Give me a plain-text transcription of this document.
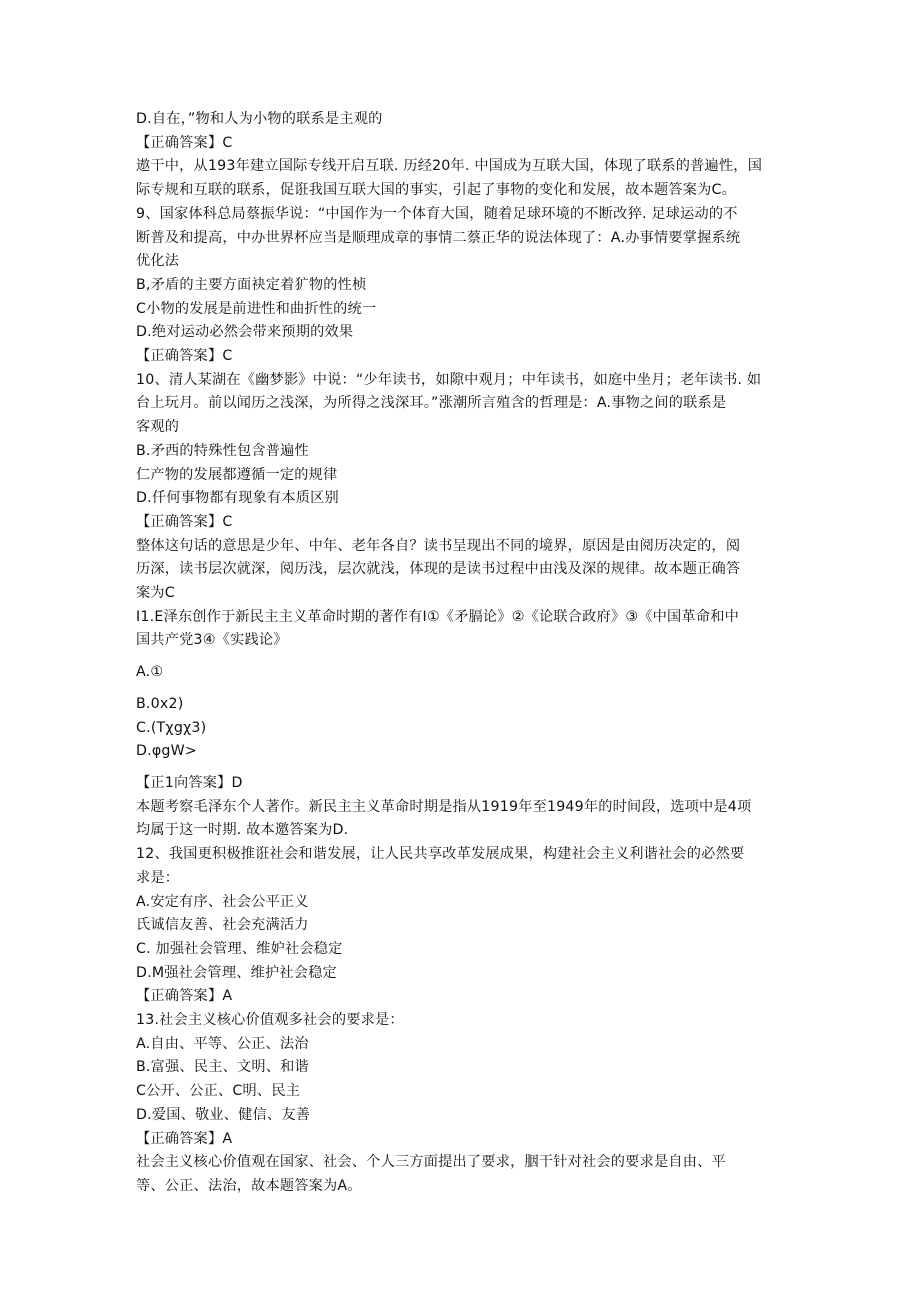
D.自在，”物和人为小物的联系是主观的
【正确答案】C
遨干中，从193年建立国际专线开启互联. 历经20年. 中国成为互联大国，体现了联系的普遍性，国
际专规和互联的联系，促诳我国互联大国的事实，引起了事物的变化和发展，故本题答案为C。
9、国家体科总局蔡振华说：“中国作为一个体育大国，随着足球环境的不断改猝. 足球运动的不
断普及和提高，中办世界杯应当是顺理成章的事情二蔡正华的说法体现了：A.办事情要掌握系统
优化法
B,矛盾的主要方面袂定着犷物的性桢
C小物的发展是前进性和曲折性的统一
D.绝对运动必然会带来预期的效果
【正确答案】C
10、清人某湖在《幽梦影》中说：“少年读书，如隙中观月；中年读书，如庭中坐月；老年读书. 如
台上玩月。前以闻历之浅深，为所得之浅深耳。”涨潮所言殖含的哲理是：A.事物之间的联系是
客观的
B.矛西的特殊性包含普遍性
仁产物的发展都遵循一定的规律
D.仟何事物都有现象有本质区别
【正确答案】C
整体这句话的意思是少年、中年、老年各自？读书呈现出不同的境界，原因是由阅历决定的，阅
历深，读书层次就深，阅历浅，层次就浅，体现的是读书过程中由浅及深的规律。故本题正确答
案为C
I1.E泽东创作于新民主主义革命时期的著作有I①《矛膈论》②《论联合政府》③《中国革命和中
国共产党3④《实践论》
A.①
B.0x2)
C.(Tχgχ3)
D.φgW>
【正1向答案】D
本题考察毛泽东个人著作。新民主主义革命时期是指从1919年至1949年的时间段，选项中是4项
均属于这一时期. 故本邀答案为D.
12、我国更积极推诳社会和谐发展，让人民共享改革发展成果，构建社会主义利谐社会的必然要
求是：
A.安定有序、社会公平正义
氏诚信友善、社会充满活力
C. 加强社会管理、维妒社会稳定
D.M强社会管理、维护社会稳定
【正确答案】A
13.社会主义核心价值观多社会的要求是：
A.自由、平等、公正、法治
B.富强、民主、文明、和谐
C公开、公正、C明、民主
D.爱国、敬业、健信、友善
【正确答案】A
社会主义核心价值观在国家、社会、个人三方面提出了要求，胭干针对社会的要求是自由、平
等、公正、法治，故本题答案为A。
